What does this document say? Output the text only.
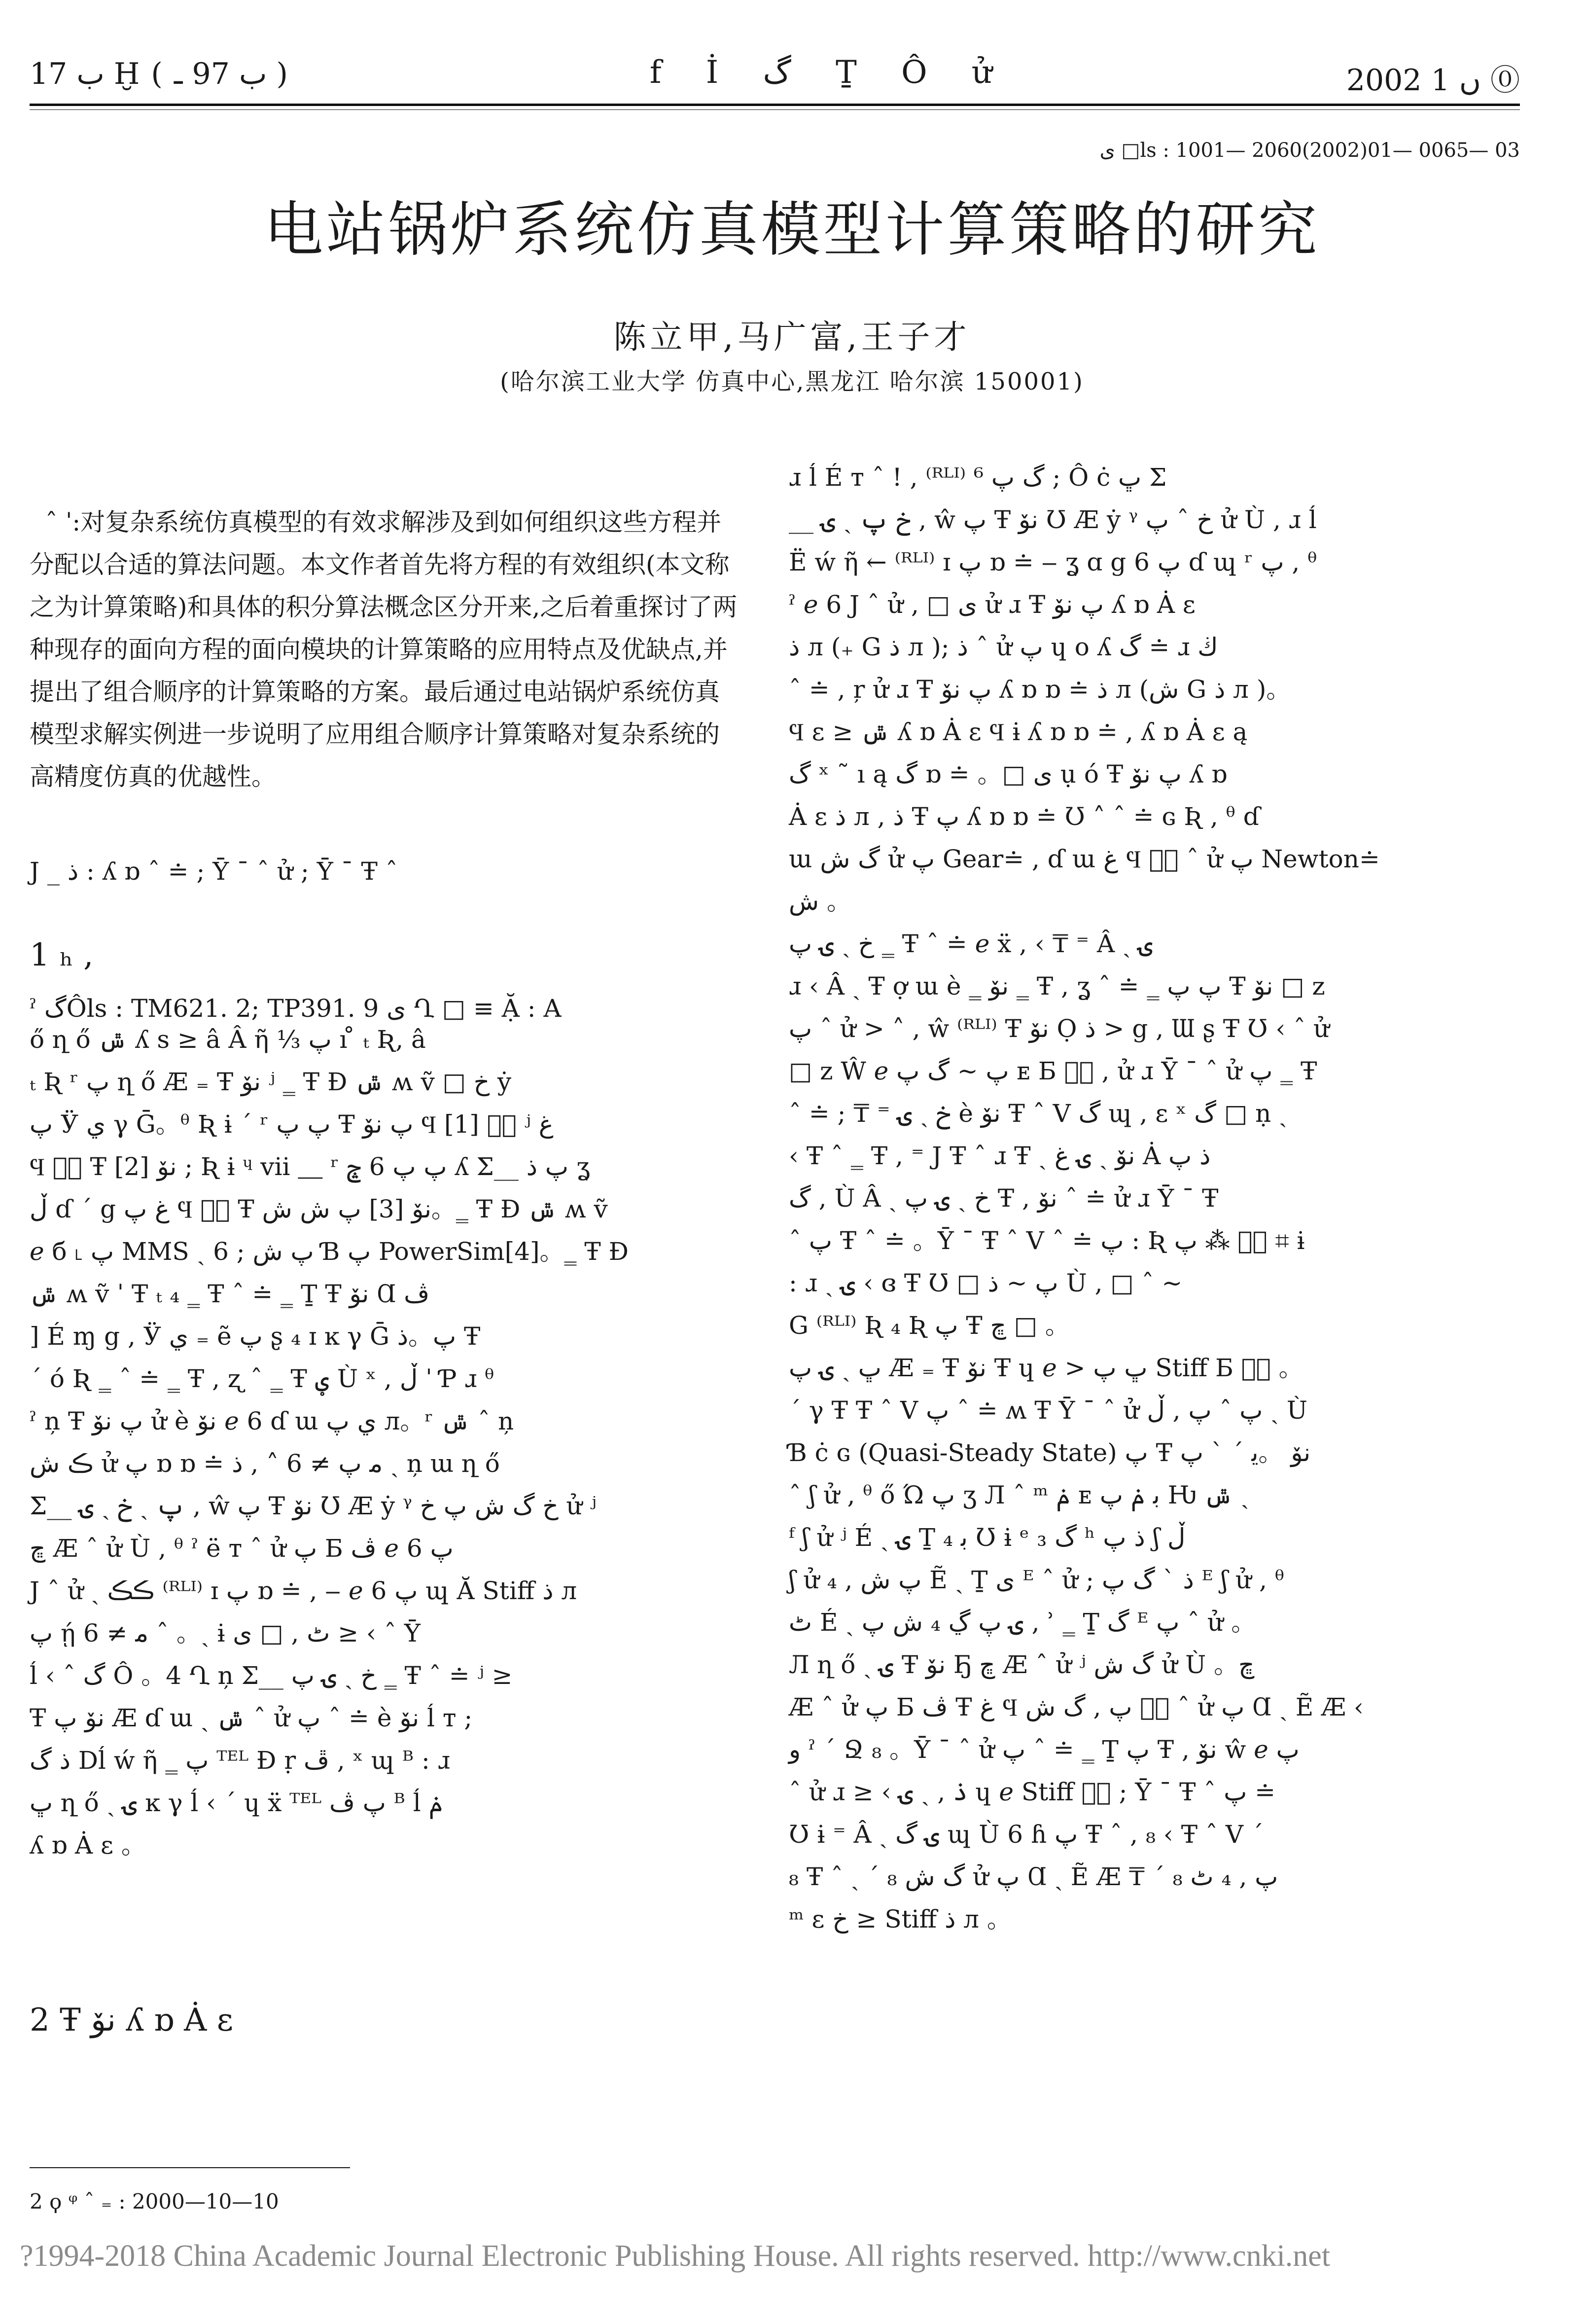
ب 17 Ḫ ( ب 97 ـ )	f İ گ Ṯ Ô ử	2002 ں 1 ⓪
ى □ls : 1001— 2060(2002)01— 0065— 03
电站锅炉系统仿真模型计算策略的研究
陈立甲,马广富,王子才
(哈尔滨工业大学 仿真中心,黑龙江 哈尔滨 150001)

ˆ ˈ:对复杂系统仿真模型的有效求解涉及到如何组织这些方程并分配以合适的算法问题。本文作者首先将方程的有效组织(本文称之为计算策略)和具体的积分算法概念区分开来,之后着重探讨了两种现存的面向方程的面向模块的计算策略的应用特点及优缺点,并提出了组合顺序的计算策略的方案。最后通过电站锅炉系统仿真模型求解实例进一步说明了应用组合顺序计算策略对复杂系统的高精度仿真的优越性。

J _ ذ : ʎ ɒ ˆ ≐ ; Ȳ ¯ ˆ ử ; Ȳ ¯ Ŧ ˆ

ˀ گÔls : TM621. 2; TP391. 9 ى Ղ □ ≡ Ặ : A

1 ₕ ,
ő ղ ő ݜ ʎ s ≥ â Â ῆ ⅓ پ ı ̊ ₜ Ʀ, â
ₜ Ʀ ʳ پ ղ ő Æ ₌ Ŧ نۆ ʲ ‗ Ŧ Ɖ ݜ ʍ ṽ □ خ ẏ
پ Ӱ ي γ Ḡ。ᶿ Ʀ ɨ ˊ ʳ پ پ Ŧ پ نۆ Ϥ نٜ [1] ʲ غ
Ϥ نٜ Ŧ نۆ [2] ; Ʀ ɨ ᶣ vii ⸏ ʳ پ پ 6 ݘ ʎ Σ__ پ ذ ʓ
ڵ ɗ ˊ g غ پ Ϥ نٜ Ŧ نۆ [3] پ ش ش。‗ Ŧ Ɖ ݜ ʍ ṽ
ℯ б ˪ پ MMS ˎ پ ش ; 6 Ɓ پ PowerSim[4]。‗ Ŧ Ɖ
ݜ ʍ ṽ ˈ Ŧ ₜ ₄ ‗ Ŧ ˆ ≐ ‗ Ṯ Ŧ نۆ Ɑ ڤ
] É ɱ g , Ӱ ي ₌ ẽ پ ʂ ₄ ɪ ĸ γ Ḡ پ。ذ Ŧ
ˊ ó Ʀ ‗ ˆ ≐ ‗ Ŧ , ʐ ˆ ‗ Ŧ ؠ Ù ˣ , ڵ ˈ Ƥ ɹ ᶿ
ˀ ņ Ŧ پ نۆ ử è نۆ ℯ 6 ɗ ɯ ي پ л。ʳ ݜ ˆ ņ
ڪ ش ử پ ɒ ɒ ≐ ﻣ پ ≠ 6 ˄ , ذ ˏ ņ ɯ ղ ő
Σ__ پ ˎ خ ˎ ۍ , ŵ پ Ŧ نۆ Ʊ Æ ẏ ᵞ خ گ ش پ خ ử ʲ
ڇ Æ ˆ ử Ù , ᶿ ˀ ë ᴛ ˆ ử پ Б ڤ ℯ 6 پ
J ˆ ử ˎ ڪڪ ⁽ᴿᴸᴵ⁾ ɪ پ ɒ ≐ , ‒ ℯ 6 پ ɰ Ă Stiff ذ л
پ ῄ ﻣ ≠ 6 ˆ 。ˎ ɨ ٹ , □ ى ≥ ‹ ˆ Ȳ
ĺ ‹ ˆ گ Ô 。4 Ղ ņ Σ__ خ ˎ ۍ پ ‗ Ŧ ˆ ≐ ʲ ≥
Ŧ نۆ پ Æ ɗ ɯ ˏ ݜ ˆ ử پ ˆ ≐ è نۆ ĺ ᴛ ;
ذ گ Dĺ ẃ ῆ ‗ پ ᵀᴱᴸ Ɖ ṛ ڦ , ˣ ɰ ᴮ : ɹ
ڀ ղ ő ˎ ۍ ĸ γ ĺ ‹ ˊ ɥ ẍ ᵀᴱᴸ پ ڤ ᴮ ĺ ݥ
ʎ ɒ Ȧ ɛ 。
2 Ŧ نۆ ʎ ɒ Ȧ ɛ
ɹ ĺ É ᴛ ˆ ! , ⁽ᴿᴸᴵ⁾ گ پ ⁶ ; Ô ċ ڀ Σ
__ خ پ ˎ ۍ , ŵ پ Ŧ نۆ Ʊ Æ ẏ ᵞ خ ˆ پ ử Ù , ɹ ĺ
Ë ẃ ῆ ← ⁽ᴿᴸᴵ⁾ ɪ پ ɒ ≐ ‒ ʓ ɑ g 6 پ ɗ ɰ ʳ پ , ᶿ
ˀ ℯ 6 J ˆ ử , □ ى ử ɹ Ŧ پ نۆ ʎ ɒ Ȧ ɛ
ذ л (₊ G ذ л ); ذ ˆ ử پ ɥ ᴏ ʎ گ ≐ ɹ ڬ
ˆ ≐ , ŗ ử ɹ Ŧ پ نۆ ʎ ɒ ɒ ≐ ذ л (ش G ذ л )。
Ϥ ɛ ≥ ݜ ʎ ɒ Ȧ ɛ Ϥ ɨ ʎ ɒ ɒ ≐ , ʎ ɒ Ȧ ɛ ą
گ ˣ ˜ ı ą گ ɒ ≐ 。□ ى ụ ó Ŧ پ نۆ ʎ ɒ
Ȧ ɛ ذ л , ذ Ŧ پ ʎ ɒ ɒ ≐ Ʊ ˄ ˆ ≐ ɢ Ʀ , ᶿ ɗ
ɯ گ ش ử پ Gear≐ , ɗ ɯ غ Ϥ نٜ ˆ ử پ Newton≐
ش 。
خ ˎ ۍ پ ‗ Ŧ ˆ ≐ ℯ ẍ , ‹ ₸ ⁼ Â ˎ ۍ
ɹ ‹ Â ˎ Ŧ ợ ɯ è ‗ نۆ ‗ Ŧ , ʓ ˆ ≐ ‗ پ پ Ŧ نۆ □ ᴢ
پ ˆ ử > ˄ , ŵ ⁽ᴿᴸᴵ⁾ Ŧ نۆ Ọ ذ > g , Ɯ ʂ Ŧ Ʊ ‹ ˆ ử
□ ᴢ Ŵ ℯ پ ~ گ پ ᴇ Б نٜ , ử ɹ Ȳ ¯ ˆ ử پ ‗ Ŧ
ˆ ≐ ; ₸ ⁼ خ ˎ ۍ è نۆ Ŧ ˆ V گ ɰ , ɛ ˣ گ □ ṇ ˎ
‹ Ŧ ˆ ‗ Ŧ , ⁼ J Ŧ ˆ ɹ Ŧ ˎ نۆ ˎ ۍ غ Ȧ ذ پ
گ , Ù Â ˎ خ ˎ ۍ پ Ŧ , نۆ ˆ ≐ ử ɹ Ȳ ¯ Ŧ
ˆ پ Ŧ ˆ ≐ 。Ȳ ¯ Ŧ ˆ V ˆ ≐ پ : Ʀ نٜ ⁂ پ ⌗ ɨ
: ɹ ˎ ۍ ‹ ɞ Ŧ Ʊ □ پ ~ ذ Ù , □ ˆ ~
G ⁽ᴿᴸᴵ⁾ Ʀ ₄ Ʀ پ Ŧ ڇ □ 。
ڀ ˎ ۍ پ Æ ₌ Ŧ نۆ Ŧ ɥ ℯ > ڀ پ Stiff Б نٜ 。
ˊ γ Ŧ Ŧ ˆ V پ ˆ ≐ ʍ Ŧ Ȳ ¯ ˆ ử پ ˆ پ , ڵ ˎ Ù
Ɓ ċ ɢ (Quasi-Steady State) پ Ŧ نۆ 。ﻳ ˊ ˋ پ
ˆ ʃ ử , ᶿ ő Ώ پ ʒ Л ˆ ᵐ ݥ ᴇ ﺑ ݥ پ Ƕ ݜ ˎ
ᶠ ʃ ử ʲ É ˎ ۍ Ṯ ₄ ﺑ Ʊ ɨ ᵉ گ ₃ ʰ ذ پ ʃ ڵ
ʃ ử پ ش , ₄ Ẽ ˎ Ṯ ی ᴱ ˆ ử ; ذ ˋ گ پ ᴱ ʃ ử , ᶿ
ٹ É ˎ ۍ پ ڲ ₄ ش پ , ʾ ‗ Ṯ گ ᴱ پ ˆ ử 。
Л ղ ő ˎ ۍ Ŧ نۆ Ҕ ڇ Æ ˆ ử ʲ گ ش ử Ù 。ڇ
Æ ˆ ử پ Б ڤ Ŧ غ Ϥ نٜ پ , گ ش ˆ ử پ Ɑ ˎ Ẽ Æ ‹
و ˀ ˊ Ջ ₈ 。Ȳ ¯ ˆ ử پ ˆ ≐ ‗ Ṯ پ Ŧ , نۆ ŵ ℯ پ
ˆ ử ɹ ≥ ‹ ذ , ˎ ۍ ɥ ℯ Stiff نٜ ; Ȳ ¯ Ŧ ˆ پ ≐
Ʊ ɨ ⁼ Â ˎ ۍ گ ɰ Ù 6 ɦ پ Ŧ ˆ , ₈ ‹ Ŧ ˆ V ˊ
₈ Ŧ ˆ ˎ ˊ ₈ گ ش ử پ Ɑ ˎ Ẽ Æ ₸ ˊ ₈ پ , ₄ ٹ
ᵐ ɛ خ ≥ Stiff ذ л 。
2 ϙ ᵠ ˆ ₌ : 2000—10—10
?1994-2018 China Academic Journal Electronic Publishing House. All rights reserved. http://www.cnki.net
